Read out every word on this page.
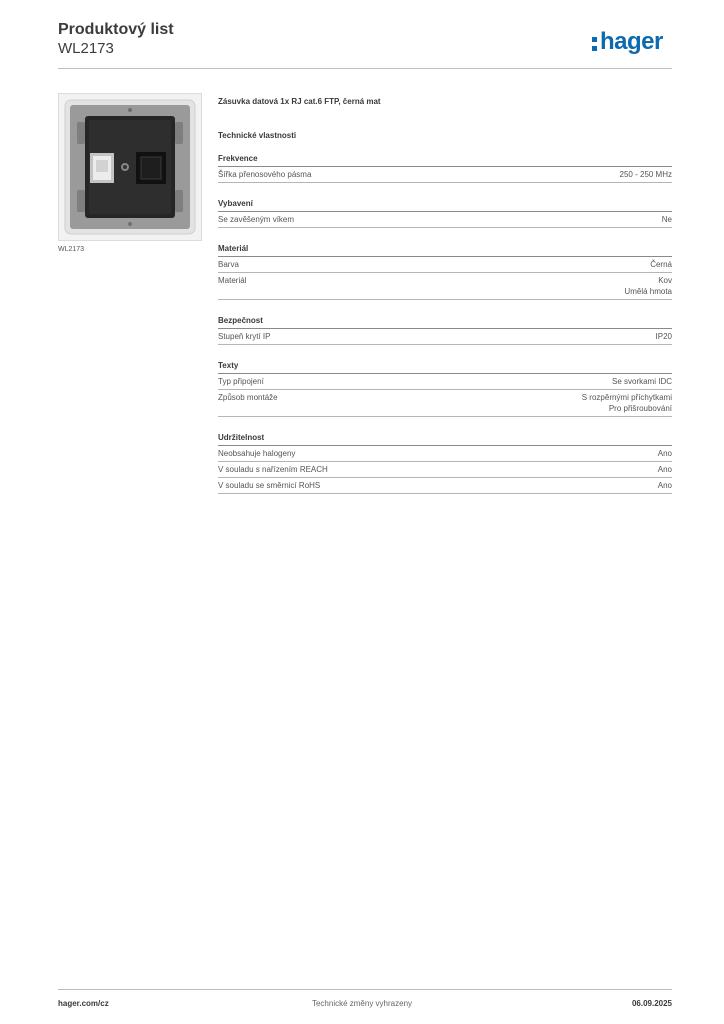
Produktový list
WL2173	hager
WL2173
Zásuvka datová 1x RJ cat.6 FTP, černá mat
Technické vlastnosti
Frekvence
Šířka přenosového pásma	250 - 250 MHz
Vybavení
Se zavěšeným víkem	Ne
Materiál
Barva	Černá
Materiál	Kov
Umělá hmota
Bezpečnost
Stupeň krytí IP	IP20
Texty
Typ připojení	Se svorkami IDC
Způsob montáže	S rozpěrnými příchytkami
Pro přišroubování
Udržitelnost
Neobsahuje halogeny	Ano
V souladu s nařízením REACH	Ano
V souladu se směrnicí RoHS	Ano
hager.com/cz	Technické změny vyhrazeny	06.09.2025
